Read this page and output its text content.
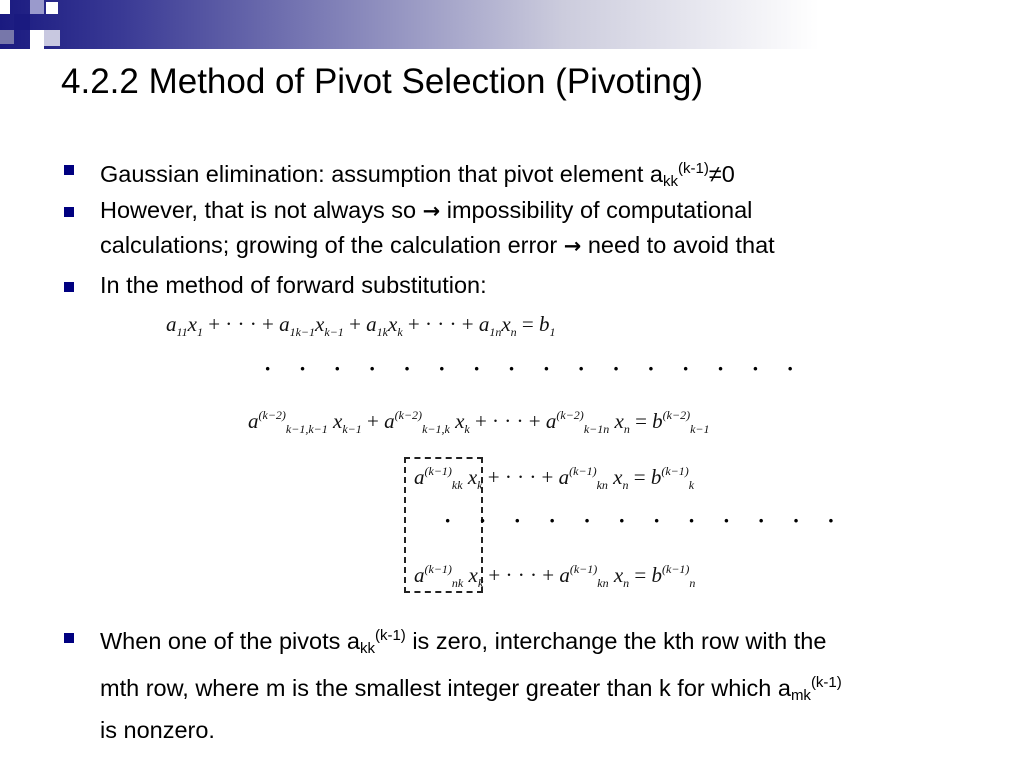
4.2.2 Method of Pivot Selection (Pivoting)
Gaussian elimination: assumption that pivot element $a_{kk}^{(k-1)}\ne 0$
However, that is not always so → impossibility of computational
calculations; growing of the calculation error → need to avoid that
In the method of forward substitution:
$a_{11}x_1$ + · · · + $a_{1k-1}x_{k-1} + a_{1k}x_k$ + · · · + $a_{1n}x_n = b_1$
· · · · · · · · · · · · · · · ·
$a^{(k-2)}_{k-1,k-1}$ $x_{k-1} + a^{(k-2)}_{k-1,k}$ $x_k$ + · · · + $a^{(k-2)}_{k-1n}$ $x_n = b^{(k-2)}_{k-1}$
$a^{(k-1)}_{kk}$ $x_k$ + · · · + $a^{(k-1)}_{kn}$ $x_n = b^{(k-1)}_k$
· · · · · · · · · · · ·
$a^{(k-1)}_{nk}$ $x_k$ + · · · + $a^{(k-1)}_{kn}$ $x_n = b^{(k-1)}_n$
When one of the pivots $a_{kk}^{(k-1)}$ is zero, interchange the kth row with the
mth row, where m is the smallest integer greater than k for which $a_{mk}^{(k-1)}$
is nonzero.
